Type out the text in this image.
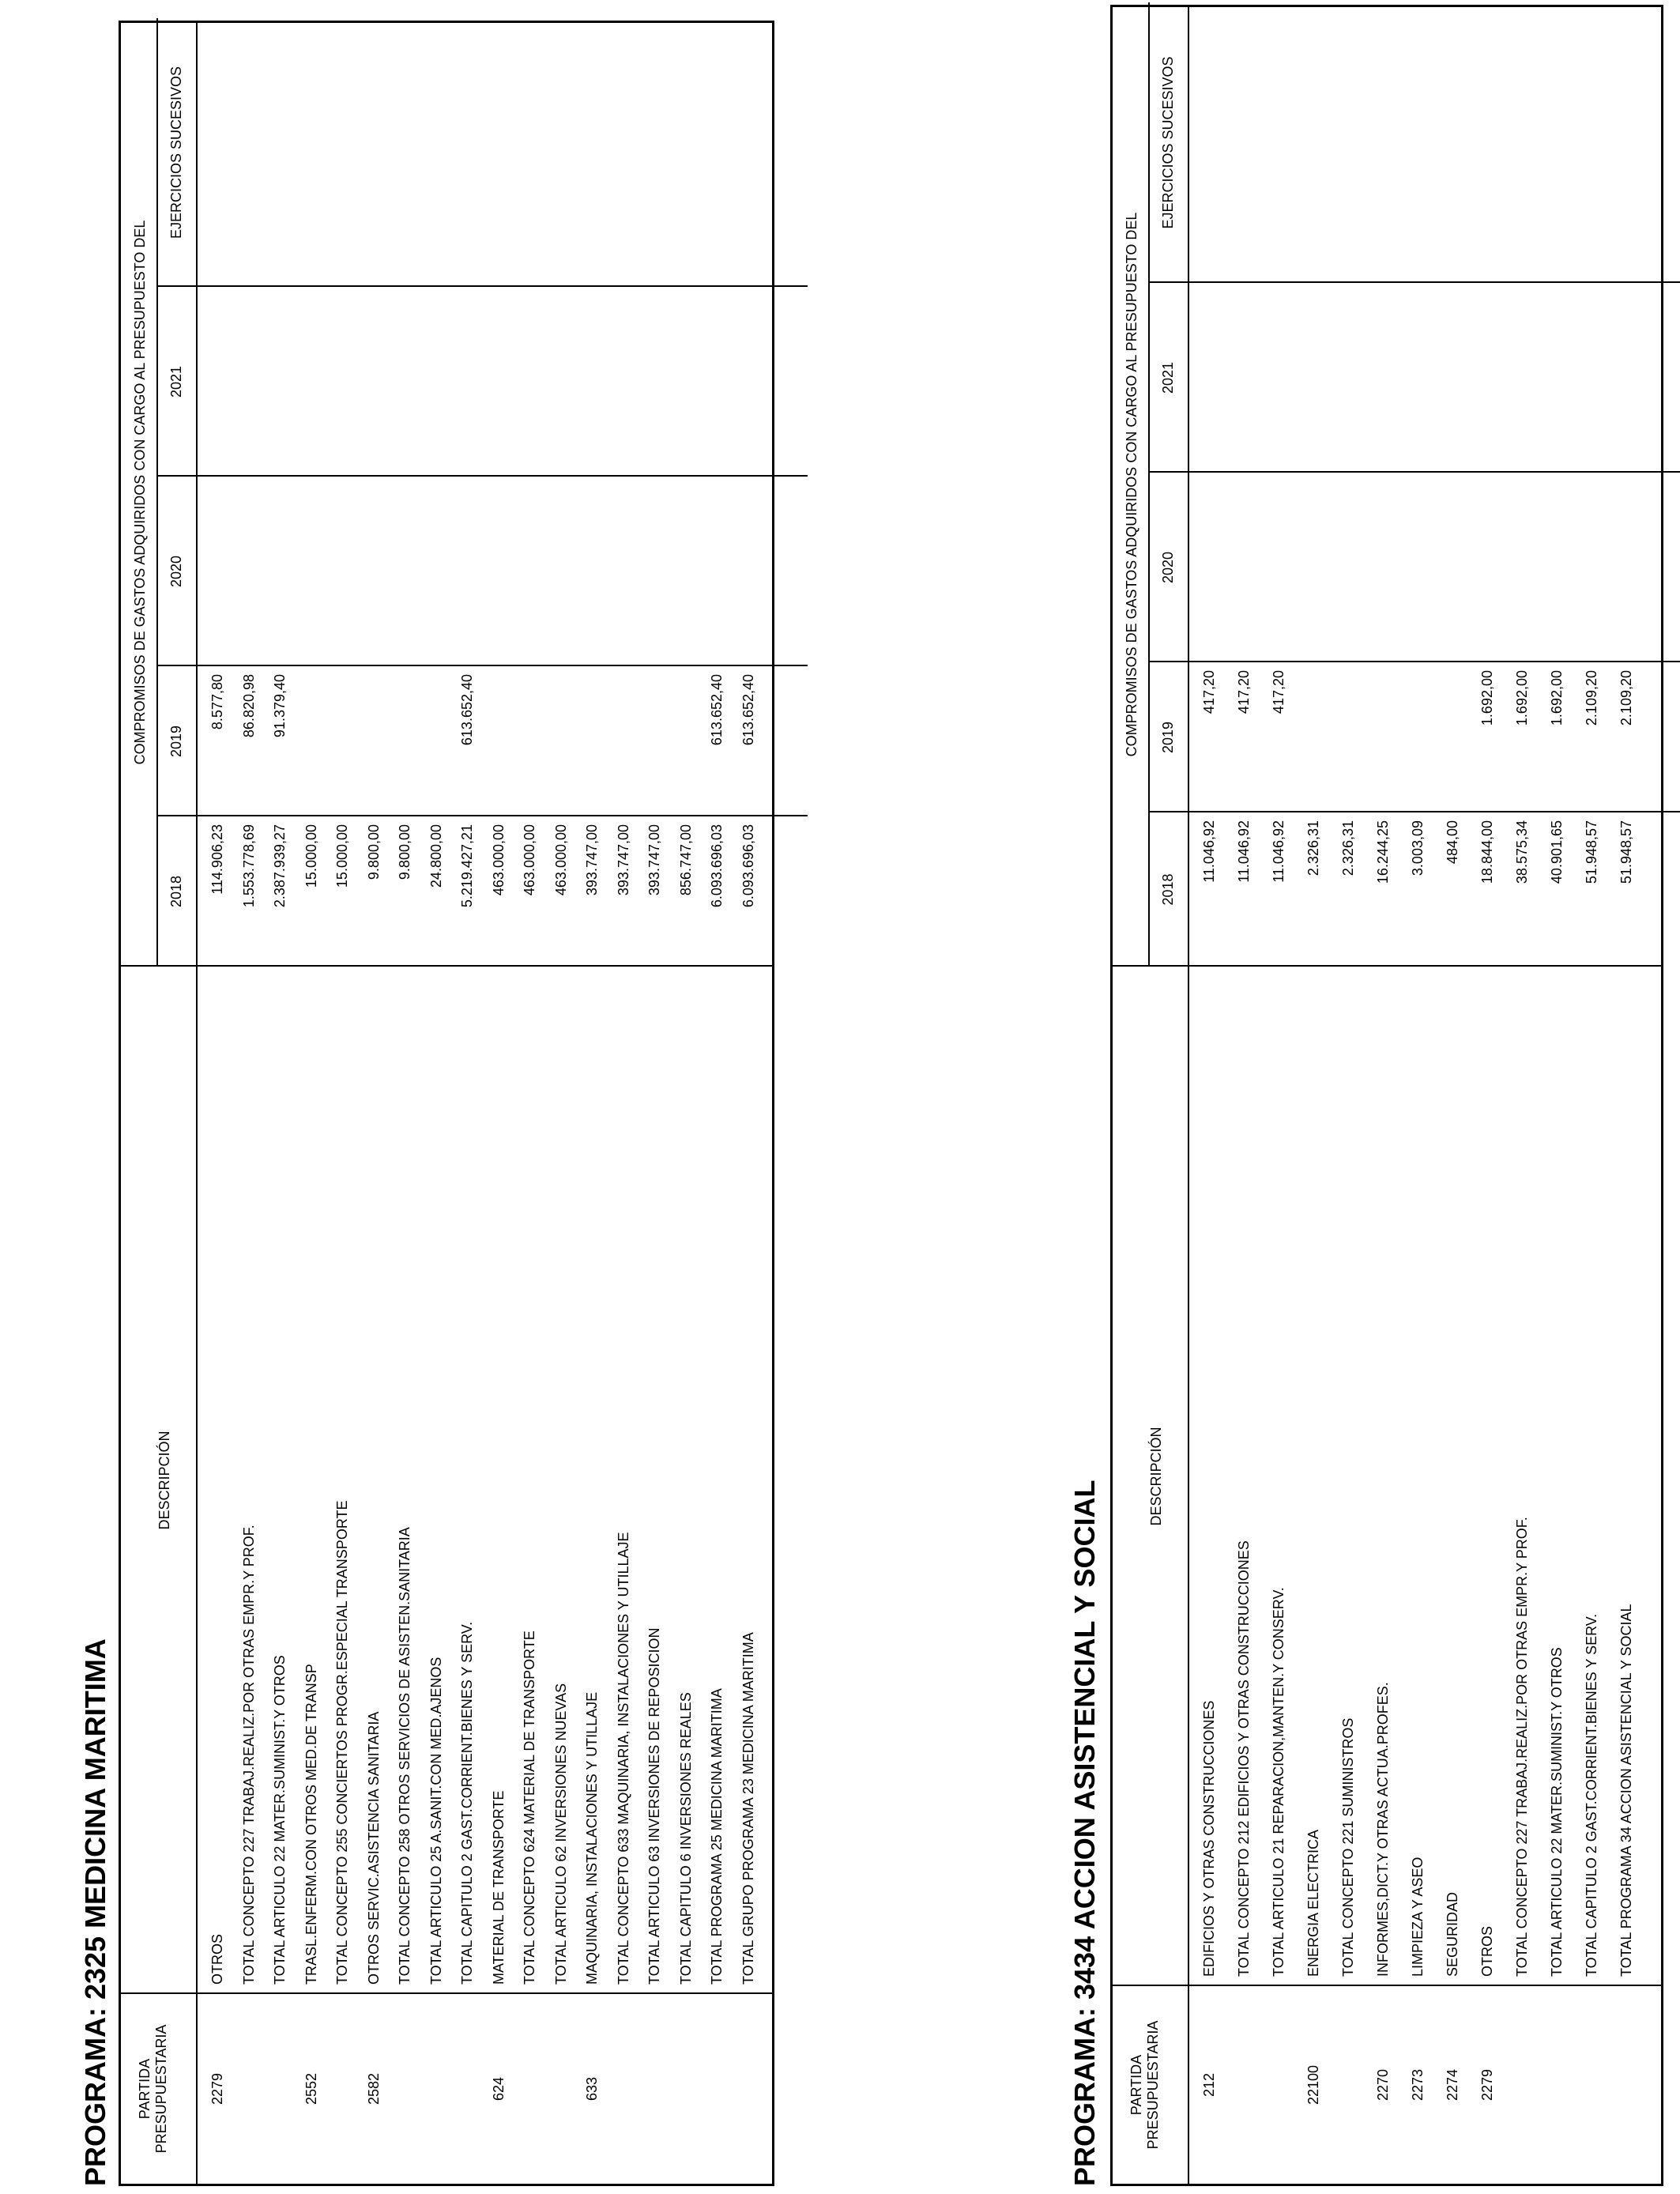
PROGRAMA: 2325 MEDICINA MARITIMA PARTIDA PRESUPUESTARIA
DESCRIPCIÓN
COMPROMISOS DE GASTOS ADQUIRIDOS CON CARGO AL PRESUPUESTO DEL
2018
2019
2020
2021
EJERCICIOS SUCESIVOS
2279
OTROS
114.906,23
8.577,80
TOTAL CONCEPTO 227 TRABAJ.REALIZ.POR OTRAS EMPR.Y PROF.
1.553.778,69
86.820,98
TOTAL ARTICULO 22 MATER.SUMINIST.Y OTROS
2.387.939,27
91.379,40
2552
TRASL.ENFERM.CON OTROS MED.DE TRANSP
15.000,00
TOTAL CONCEPTO 255 CONCIERTOS PROGR.ESPECIAL TRANSPORTE
15.000,00
2582
OTROS SERVIC.ASISTENCIA SANITARIA
9.800,00
TOTAL CONCEPTO 258 OTROS SERVICIOS DE ASISTEN.SANITARIA
9.800,00
TOTAL ARTICULO 25 A.SANIT.CON MED.AJENOS
24.800,00
TOTAL CAPITULO 2 GAST.CORRIENT.BIENES Y SERV.
5.219.427,21
613.652,40
624
MATERIAL DE TRANSPORTE
463.000,00
TOTAL CONCEPTO 624 MATERIAL DE TRANSPORTE
463.000,00
TOTAL ARTICULO 62 INVERSIONES NUEVAS
463.000,00
633
MAQUINARIA, INSTALACIONES Y UTILLAJE
393.747,00
TOTAL CONCEPTO 633 MAQUINARIA, INSTALACIONES Y UTILLAJE
393.747,00
TOTAL ARTICULO 63 INVERSIONES DE REPOSICION
393.747,00
TOTAL CAPITULO 6 INVERSIONES REALES
856.747,00
TOTAL PROGRAMA 25 MEDICINA MARITIMA
6.093.696,03
613.652,40
TOTAL GRUPO PROGRAMA 23 MEDICINA MARITIMA
6.093.696,03
613.652,40
PROGRAMA: 3434 ACCION ASISTENCIAL Y SOCIAL PARTIDA PRESUPUESTARIA
DESCRIPCIÓN
COMPROMISOS DE GASTOS ADQUIRIDOS CON CARGO AL PRESUPUESTO DEL
2018
2019
2020
2021
EJERCICIOS SUCESIVOS
212
EDIFICIOS Y OTRAS CONSTRUCCIONES
11.046,92
417,20
TOTAL CONCEPTO 212 EDIFICIOS Y OTRAS CONSTRUCCIONES
11.046,92
417,20
TOTAL ARTICULO 21 REPARACION,MANTEN.Y CONSERV.
11.046,92
417,20
22100
ENERGIA ELECTRICA
2.326,31
TOTAL CONCEPTO 221 SUMINISTROS
2.326,31
2270
INFORMES,DICT.Y OTRAS ACTUA.PROFES.
16.244,25
2273
LIMPIEZA Y ASEO
3.003,09
2274
SEGURIDAD
484,00
2279
OTROS
18.844,00
1.692,00
TOTAL CONCEPTO 227 TRABAJ.REALIZ.POR OTRAS EMPR.Y PROF.
38.575,34
1.692,00
TOTAL ARTICULO 22 MATER.SUMINIST.Y OTROS
40.901,65
1.692,00
TOTAL CAPITULO 2 GAST.CORRIENT.BIENES Y SERV.
51.948,57
2.109,20
TOTAL PROGRAMA 34 ACCION ASISTENCIAL Y SOCIAL
51.948,57
2.109,20
